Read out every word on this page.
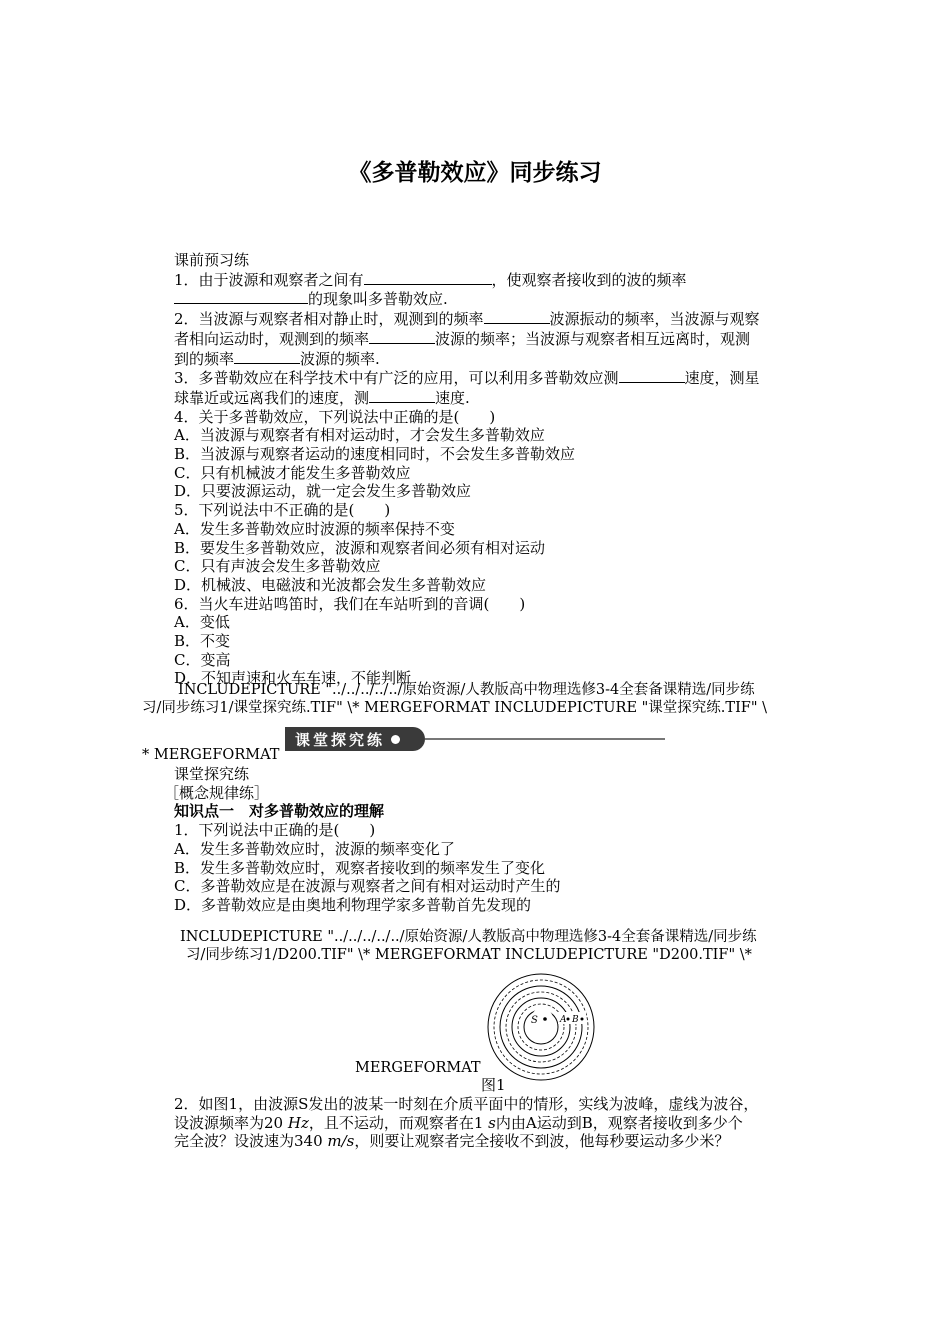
《多普勒效应》同步练习
课前预习练
1．由于波源和观察者之间有	，使观察者接收到的波的频率
的现象叫多普勒效应.
2．当波源与观察者相对静止时，观测到的频率	波源振动的频率，当波源与观察
者相向运动时，观测到的频率	波源的频率；当波源与观察者相互远离时，观测
到的频率	波源的频率.
3．多普勒效应在科学技术中有广泛的应用，可以利用多普勒效应测	速度，测星
球靠近或远离我们的速度，测	速度.
4．关于多普勒效应，下列说法中正确的是(　　)
A．当波源与观察者有相对运动时，才会发生多普勒效应
B．当波源与观察者运动的速度相同时，不会发生多普勒效应
C．只有机械波才能发生多普勒效应
D．只要波源运动，就一定会发生多普勒效应
5．下列说法中不正确的是(　　)
A．发生多普勒效应时波源的频率保持不变
B．要发生多普勒效应，波源和观察者间必须有相对运动
C．只有声波会发生多普勒效应
D．机械波、电磁波和光波都会发生多普勒效应
6．当火车进站鸣笛时，我们在车站听到的音调(　　)
A．变低
B．不变
C．变高
D．不知声速和火车车速，不能判断
INCLUDEPICTURE "../../../../../原始资源/人教版高中物理选修3-4全套备课精选/同步练
习/同步练习1/课堂探究练.TIF" \* MERGEFORMAT INCLUDEPICTURE "课堂探究练.TIF" \
* MERGEFORMAT
课堂探究练
课堂探究练
［概念规律练］
知识点一　对多普勒效应的理解
1．下列说法中正确的是(　　)
A．发生多普勒效应时，波源的频率变化了
B．发生多普勒效应时，观察者接收到的频率发生了变化
C．多普勒效应是在波源与观察者之间有相对运动时产生的
D．多普勒效应是由奥地利物理学家多普勒首先发现的
INCLUDEPICTURE "../../../../../原始资源/人教版高中物理选修3-4全套备课精选/同步练
习/同步练习1/D200.TIF" \* MERGEFORMAT INCLUDEPICTURE "D200.TIF" \*
MERGEFORMAT
S A B
图1
2．如图1，由波源S发出的波某一时刻在介质平面中的情形，实线为波峰，虚线为波谷，
设波源频率为20 Hz，且不运动，而观察者在1 s内由A运动到B，观察者接收到多少个
完全波？设波速为340 m/s，则要让观察者完全接收不到波，他每秒要运动多少米？
